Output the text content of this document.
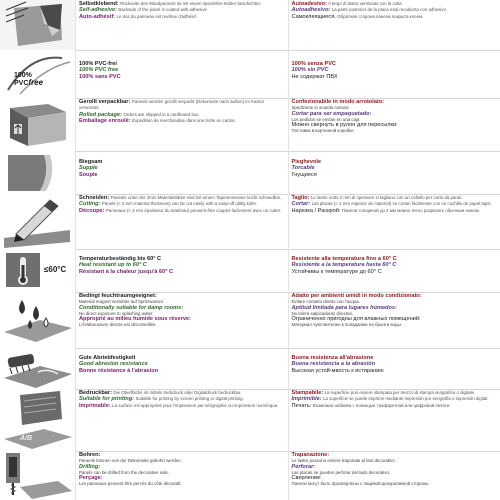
Selbstklebend: Rückseite des Wandpaneels ist mit einem speziellen Kleber beschichtet.
Self-adhesive: Backside of the panel is coated with adhesive
Auto-adhésif: Le dos du panneau est revêtue d'adhésif.
Autoadesivo: Il tergo di lastra verniciato con la colla.
Autoadhesivo: La parte posterior de la placa está recubierta con adhesivo
Самоклеящиеся. Обратная сторона панели покрыта клеем.
100%
PVCfree
100% PVC-frei
100% PVC free
100% sans PVC
100% senza PVC
100% sin PVC
Не содержат ПВХ
Gerollt verpackbar: Paneele werden gerollt verpackt (Dekorseite nach außen) im Karton versendet.
Rolled package: Orders are shipped in a cardboard box.
Emballage enroulé: Expédition de merchandise dans une boîte en carton.
Confezionabile in modo arrotolato:
Spedizione in scatola cartone
Cortar para ser empaquetado:
Los pedidos se envían en una caja
Можно свернуть в рулон для пересылки:
Поставка в картонной коробке.
Biegsam
Supple
Souple
Pieghevole
Torcable
Гнущиеся
Schneiden: Paneele unter der 2mm Materialstärke sind mit einem Tapetenmesser leicht schneidbar.
Cutting: Panels (< 2 mm material thickness) can be cut easily with a snap-off utility knife.
Découpe: Panneaux (< 2 mm épaisseur du matériau) peuvent être coupés facilement avec un cutter.
Taglio: Le lastre sotto 2 mm di spessore si tagliano con un coltello per carte da parati.
Cortar: Las placas (< 2 mm espesor de material) se cortan fácilmente con un cuchillo de papel tapiz.
Нарезка / Раскрой: Панели толщиной до 2 мм можно легко разрезать обычным ножом.
≤60°C
Temperaturbeständig bis 60° C
Heat resistant up to 60° C
Résistant à la chaleur jusqu'à 60° C
Resistente alla temperatura fino a 60° C
Resistente a la temperatura hasta 60° C
Устойчивы к температуре до 60° C
Bedingt feuchtraumgeeignet:
Material reagiert sensibler auf Spritzwasser.
Conditionally suitable for damp rooms:
No direct exposure to splashing water.
Approprié au milieu humide sous réserve:
L'éclaboussure directe est déconseillée.
Adatto per ambienti umidi in modo condizionato:
Evitare contatto diretto con l'acqua.
Aptitud limitada para lugares húmedos:
No tolera salpicaduras directas.
Ограниченно пригодны для влажных помещений:
Материал чувствителен к попаданию на брызги воды.
Gute Abriebfestigkeit
Good abrasion resistance
Bonne résistance à l'abrasion
Buona resistenza all'abrasione
Buena resistencia a la abrasión
Высокая устой-мвость к истиранию
A/B
Bedruckbar: Die Oberfläche ist mittels Siebdruck oder Digitaldruck bedruckbar.
Suitable for printing: Suitable for printing by screen printing or digital printing.
Imprimable: La surface est appropriée pour l'impression par sérigraphie ou impression numérique.
Stampabile: La superficie può essere stampata per mezzo di stampa serigrafica o digitale.
Imprimible: La superficie se puede imprimir mediante impresión por serigrafía o impresión digital.
Печать: Возможна набивка с помощью трафаретной или цифровой печати.
Bohren:
Paneele können von der Dekorseite gebohrt werden.
Drilling:
Panels can be drilled from the decorative side.
Perçage:
Les panneaux peuvent être percés du côté décoratif.
Trapanazione:
Le lastre possono essere traponate al lato decorativo
Perforar:
Las placas se pueden perforar del lado decorativo.
Сверление:
Панели могут быть просверлены с лицевой декоративной стороны.
